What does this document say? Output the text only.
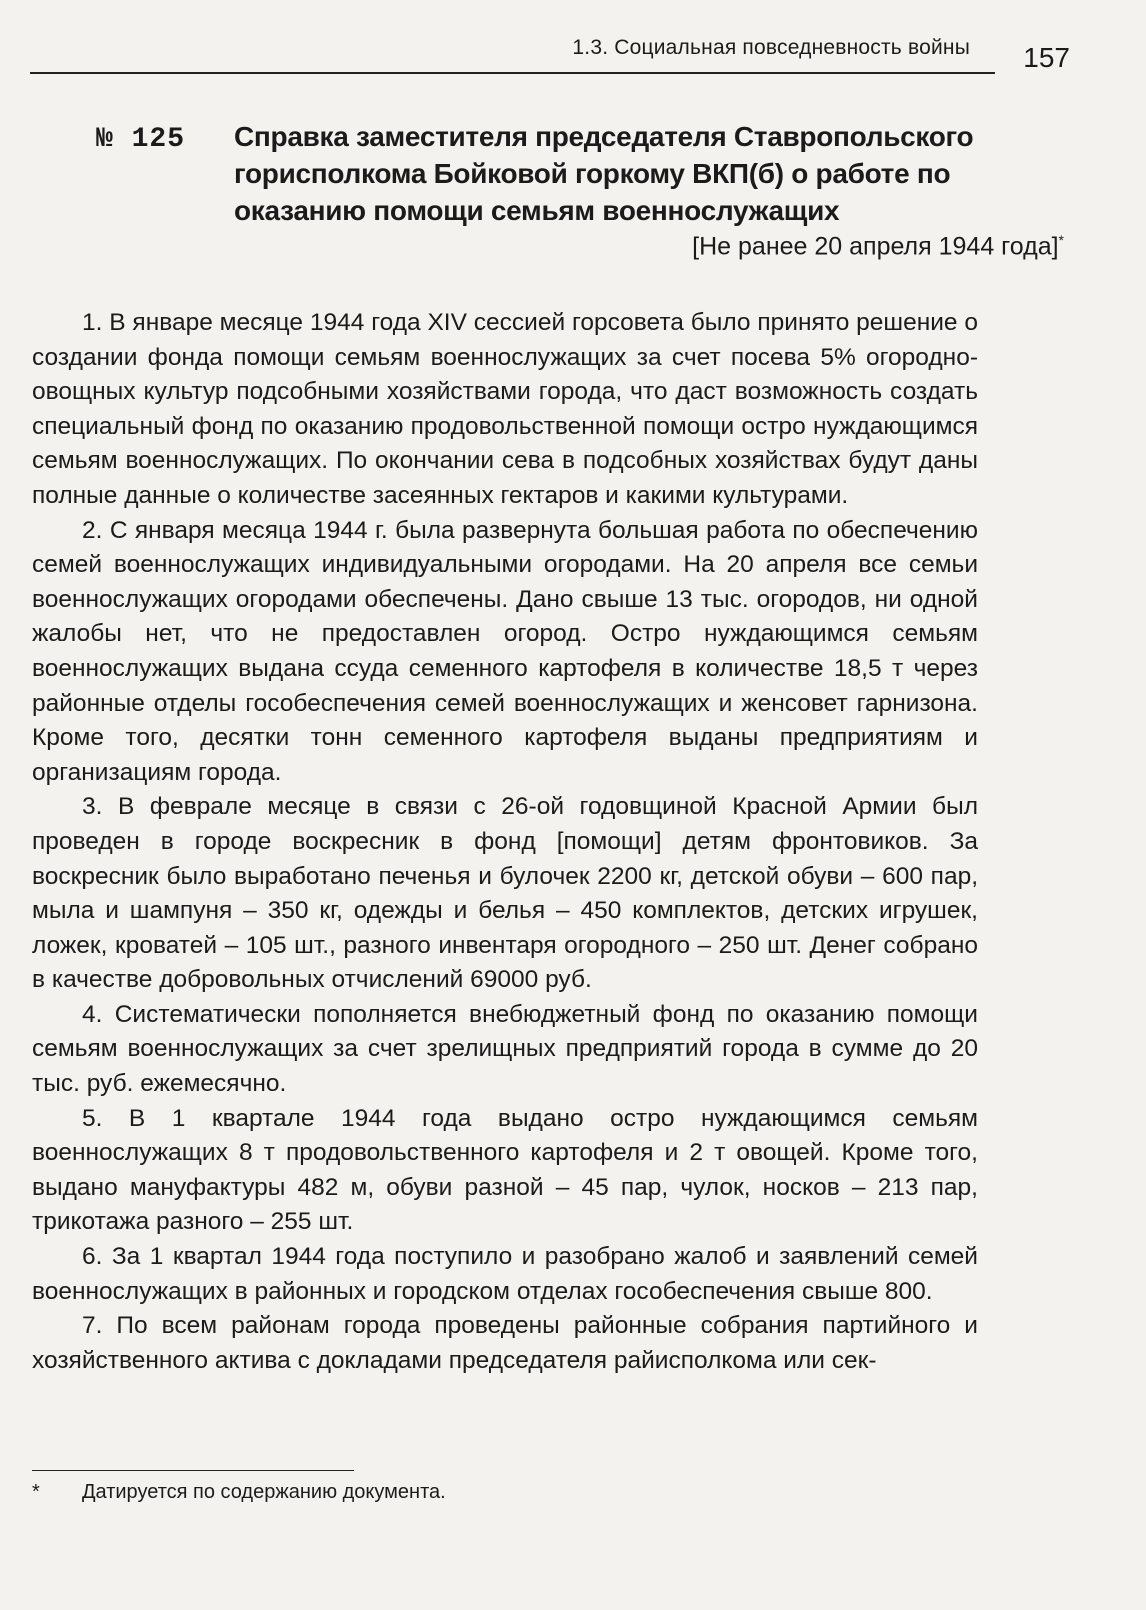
1.3. Социальная повседневность войны 157
№ 125 Справка заместителя председателя Ставропольского горисполкома Бойковой горкому ВКП(б) о работе по оказанию помощи семьям военнослужащих
[Не ранее 20 апреля 1944 года]*

1. В январе месяце 1944 года XIV сессией горсовета было принято решение о создании фонда помощи семьям военнослужащих за счет посева 5% огородно-овощных культур подсобными хозяйствами города, что даст возможность создать специальный фонд по оказанию продовольственной помощи остро нуждающимся семьям военнослужащих. По окончании сева в подсобных хозяйствах будут даны полные данные о количестве засеянных гектаров и какими культурами.

2. С января месяца 1944 г. была развернута большая работа по обеспечению семей военнослужащих индивидуальными огородами. На 20 апреля все семьи военнослужащих огородами обеспечены. Дано свыше 13 тыс. огородов, ни одной жалобы нет, что не предоставлен огород. Остро нуждающимся семьям военнослужащих выдана ссуда семенного картофеля в количестве 18,5 т через районные отделы гособеспечения семей военнослужащих и женсовет гарнизона. Кроме того, десятки тонн семенного картофеля выданы предприятиям и организациям города.

3. В феврале месяце в связи с 26-ой годовщиной Красной Армии был проведен в городе воскресник в фонд [помощи] детям фронтовиков. За воскресник было выработано печенья и булочек 2200 кг, детской обуви – 600 пар, мыла и шампуня – 350 кг, одежды и белья – 450 комплектов, детских игрушек, ложек, кроватей – 105 шт., разного инвентаря огородного – 250 шт. Денег собрано в качестве добровольных отчислений 69000 руб.

4. Систематически пополняется внебюджетный фонд по оказанию помощи семьям военнослужащих за счет зрелищных предприятий города в сумме до 20 тыс. руб. ежемесячно.

5. В 1 квартале 1944 года выдано остро нуждающимся семьям военнослужащих 8 т продовольственного картофеля и 2 т овощей. Кроме того, выдано мануфактуры 482 м, обуви разной – 45 пар, чулок, носков – 213 пар, трикотажа разного – 255 шт.

6. За 1 квартал 1944 года поступило и разобрано жалоб и заявлений семей военнослужащих в районных и городском отделах гособеспечения свыше 800.

7. По всем районам города проведены районные собрания партийного и хозяйственного актива с докладами председателя райисполкома или сек-

* Датируется по содержанию документа.
